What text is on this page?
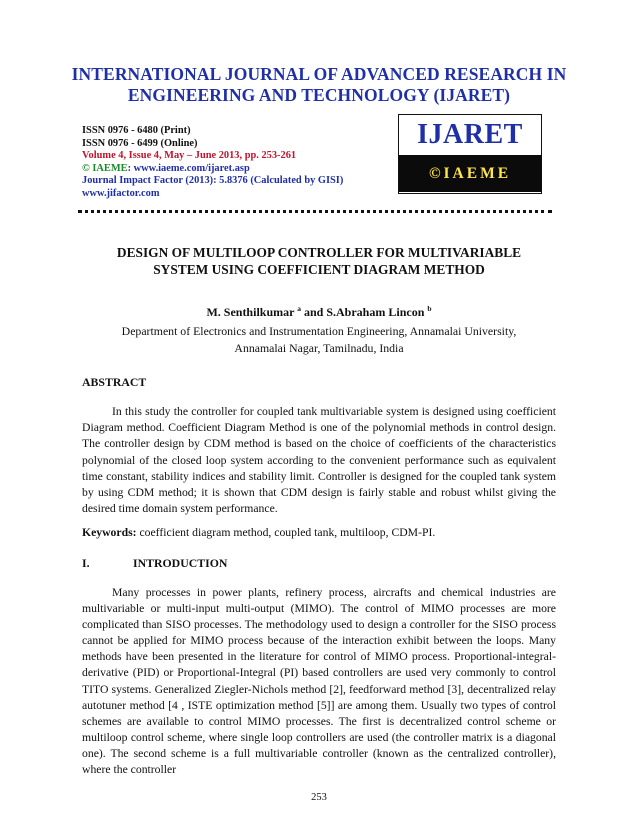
INTERNATIONAL JOURNAL OF ADVANCED RESEARCH IN
ENGINEERING AND TECHNOLOGY (IJARET)
ISSN 0976 - 6480 (Print)
ISSN 0976 - 6499 (Online)
Volume 4, Issue 4, May – June 2013, pp. 253-261
© IAEME: www.iaeme.com/ijaret.asp
Journal Impact Factor (2013): 5.8376 (Calculated by GISI)
www.jifactor.com
IJARET
©IAEME
DESIGN OF MULTILOOP CONTROLLER FOR MULTIVARIABLE
SYSTEM USING COEFFICIENT DIAGRAM METHOD
M. Senthilkumar $^a$ and S.Abraham Lincon $^b$
Department of Electronics and Instrumentation Engineering, Annamalai University,
Annamalai Nagar, Tamilnadu, India
ABSTRACT
In this study the controller for coupled tank multivariable system is designed using coefficient Diagram method. Coefficient Diagram Method is one of the polynomial methods in control design. The controller design by CDM method is based on the choice of coefficients of the characteristics polynomial of the closed loop system according to the convenient performance such as equivalent time constant, stability indices and stability limit. Controller is designed for the coupled tank system by using CDM method; it is shown that CDM design is fairly stable and robust whilst giving the desired time domain system performance.
Keywords: coefficient diagram method, coupled tank, multiloop, CDM-PI.
I.	INTRODUCTION
Many processes in power plants, refinery process, aircrafts and chemical industries are multivariable or multi-input multi-output (MIMO). The control of MIMO processes are more complicated than SISO processes. The methodology used to design a controller for the SISO process cannot be applied for MIMO process because of the interaction exhibit between the loops. Many methods have been presented in the literature for control of MIMO process. Proportional-integral-derivative (PID) or Proportional-Integral (PI) based controllers are used very commonly to control TITO systems. Generalized Ziegler-Nichols method [2], feedforward method [3], decentralized relay autotuner method [4 , ISTE optimization method [5]] are among them. Usually two types of control schemes are available to control MIMO processes. The first is decentralized control scheme or multiloop control scheme, where single loop controllers are used (the controller matrix is a diagonal one). The second scheme is a full multivariable controller (known as the centralized controller), where the controller
253
